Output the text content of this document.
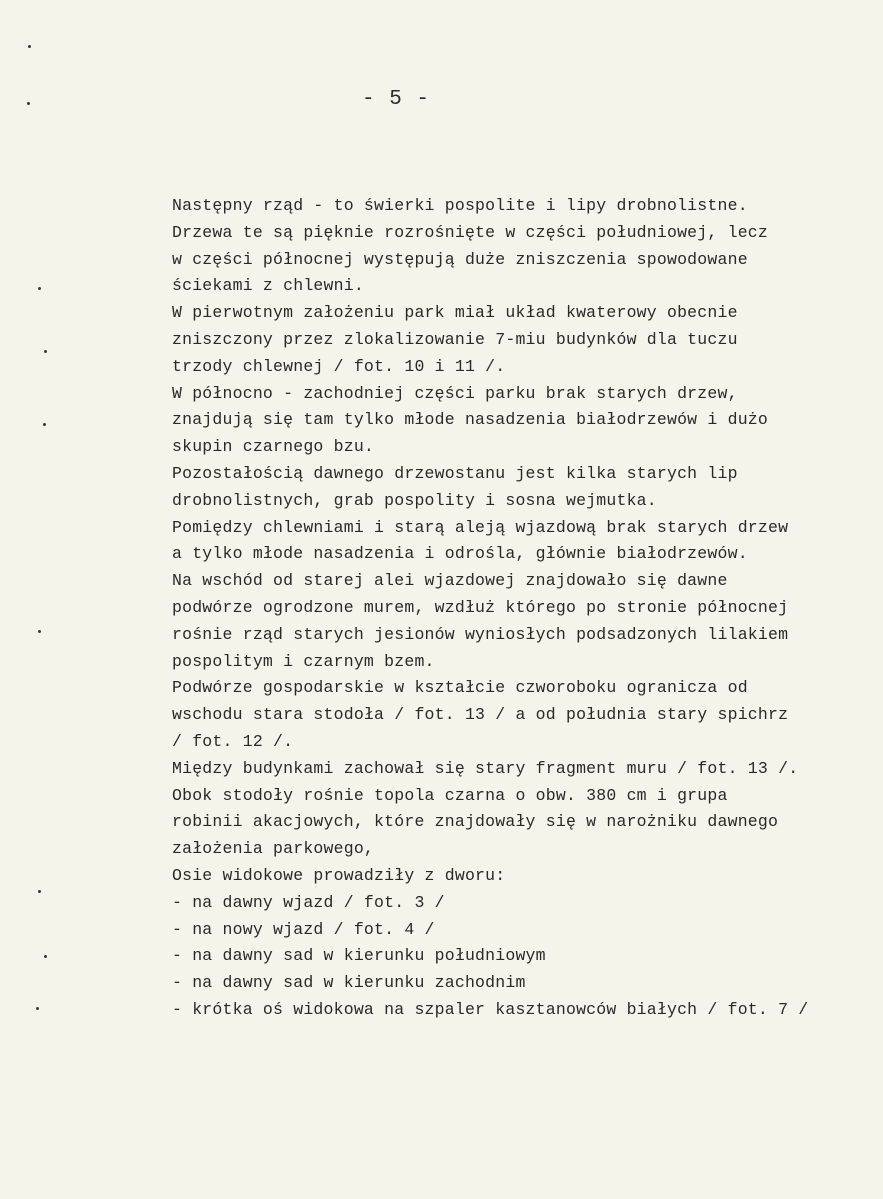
- 5 -
Następny rząd - to świerki pospolite i lipy drobnolistne.
Drzewa te są pięknie rozrośnięte w części południowej, lecz
w części północnej występują duże zniszczenia spowodowane
ściekami z chlewni.
W pierwotnym założeniu park miał układ kwaterowy obecnie
zniszczony przez zlokalizowanie 7-miu budynków dla tuczu
trzody chlewnej / fot. 10 i 11 /.
W północno - zachodniej części parku brak starych drzew,
znajdują się tam tylko młode nasadzenia białodrzewów i dużo
skupin czarnego bzu.
Pozostałością dawnego drzewostanu jest kilka starych lip
drobnolistnych, grab pospolity i sosna wejmutka.
Pomiędzy chlewniami i starą aleją wjazdową brak starych drzew
a tylko młode nasadzenia i odrośla, głównie białodrzewów.
Na wschód od starej alei wjazdowej znajdowało się dawne
podwórze ogrodzone murem, wzdłuż którego po stronie północnej
rośnie rząd starych jesionów wyniosłych podsadzonych lilakiem
pospolitym i czarnym bzem.
Podwórze gospodarskie w kształcie czworoboku ogranicza od
wschodu stara stodoła / fot. 13 / a od południa stary spichrz
/ fot. 12 /.
Między budynkami zachował się stary fragment muru / fot. 13 /.
Obok stodoły rośnie topola czarna o obw. 380 cm i grupa
robinii akacjowych, które znajdowały się w narożniku dawnego
założenia parkowego,
Osie widokowe prowadziły z dworu:
- na dawny wjazd / fot. 3 /
- na nowy wjazd / fot. 4 /
- na dawny sad w kierunku południowym
- na dawny sad w kierunku zachodnim
- krótka oś widokowa na szpaler kasztanowców białych / fot. 7 /
